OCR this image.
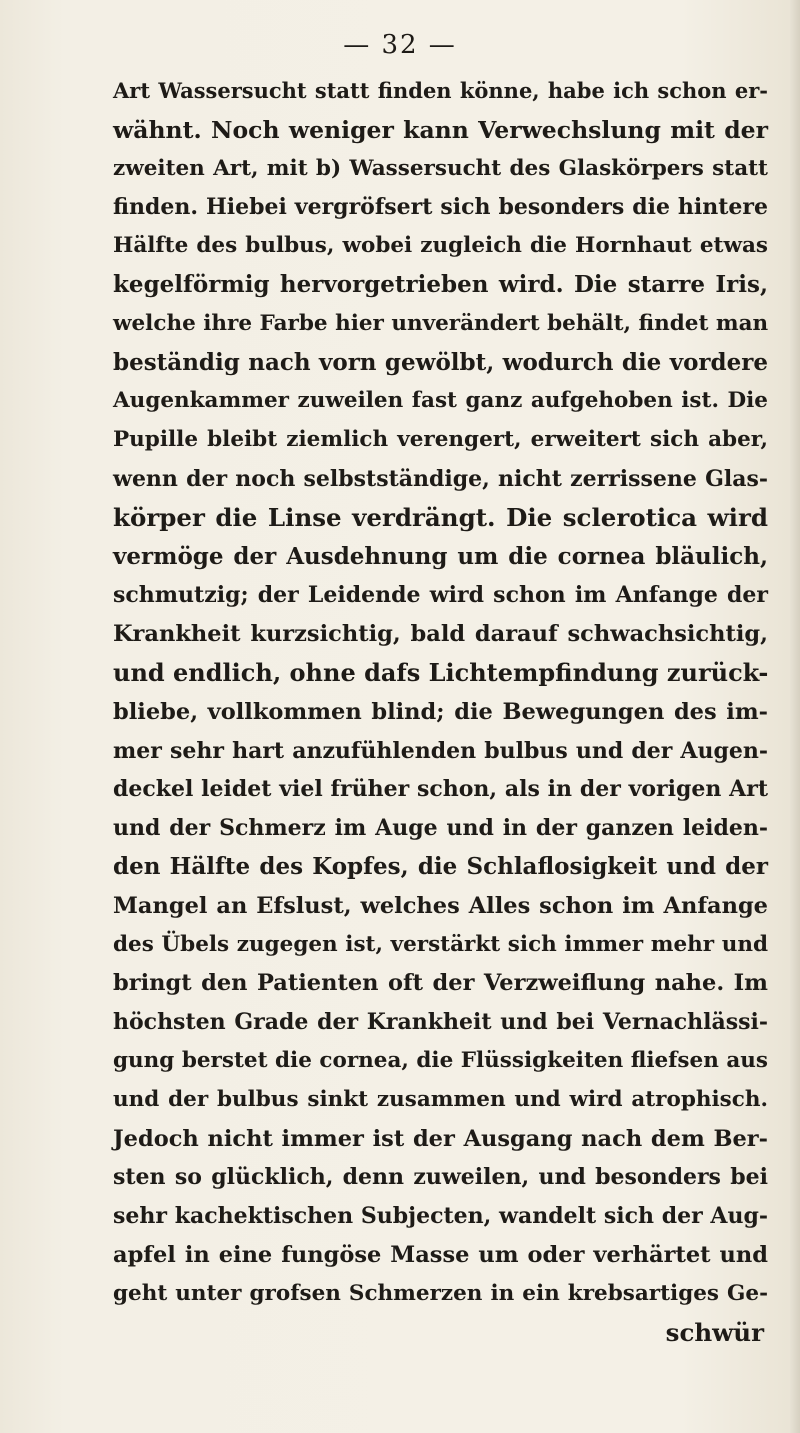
— 32 —
Art Wassersucht statt finden könne, habe ich schon er-
wähnt. Noch weniger kann Verwechslung mit der
zweiten Art, mit b) Wassersucht des Glaskörpers statt
finden. Hiebei vergröfsert sich besonders die hintere
Hälfte des bulbus, wobei zugleich die Hornhaut etwas
kegelförmig hervorgetrieben wird. Die starre Iris,
welche ihre Farbe hier unverändert behält, findet man
beständig nach vorn gewölbt, wodurch die vordere
Augenkammer zuweilen fast ganz aufgehoben ist. Die
Pupille bleibt ziemlich verengert, erweitert sich aber,
wenn der noch selbstständige, nicht zerrissene Glas-
körper die Linse verdrängt. Die sclerotica wird
vermöge der Ausdehnung um die cornea bläulich,
schmutzig; der Leidende wird schon im Anfange der
Krankheit kurzsichtig, bald darauf schwachsichtig,
und endlich, ohne dafs Lichtempfindung zurück-
bliebe, vollkommen blind; die Bewegungen des im-
mer sehr hart anzufühlenden bulbus und der Augen-
deckel leidet viel früher schon, als in der vorigen Art
und der Schmerz im Auge und in der ganzen leiden-
den Hälfte des Kopfes, die Schlaflosigkeit und der
Mangel an Efslust, welches Alles schon im Anfange
des Übels zugegen ist, verstärkt sich immer mehr und
bringt den Patienten oft der Verzweiflung nahe. Im
höchsten Grade der Krankheit und bei Vernachlässi-
gung berstet die cornea, die Flüssigkeiten fliefsen aus
und der bulbus sinkt zusammen und wird atrophisch.
Jedoch nicht immer ist der Ausgang nach dem Ber-
sten so glücklich, denn zuweilen, und besonders bei
sehr kachektischen Subjecten, wandelt sich der Aug-
apfel in eine fungöse Masse um oder verhärtet und
geht unter grofsen Schmerzen in ein krebsartiges Ge-
schwür
